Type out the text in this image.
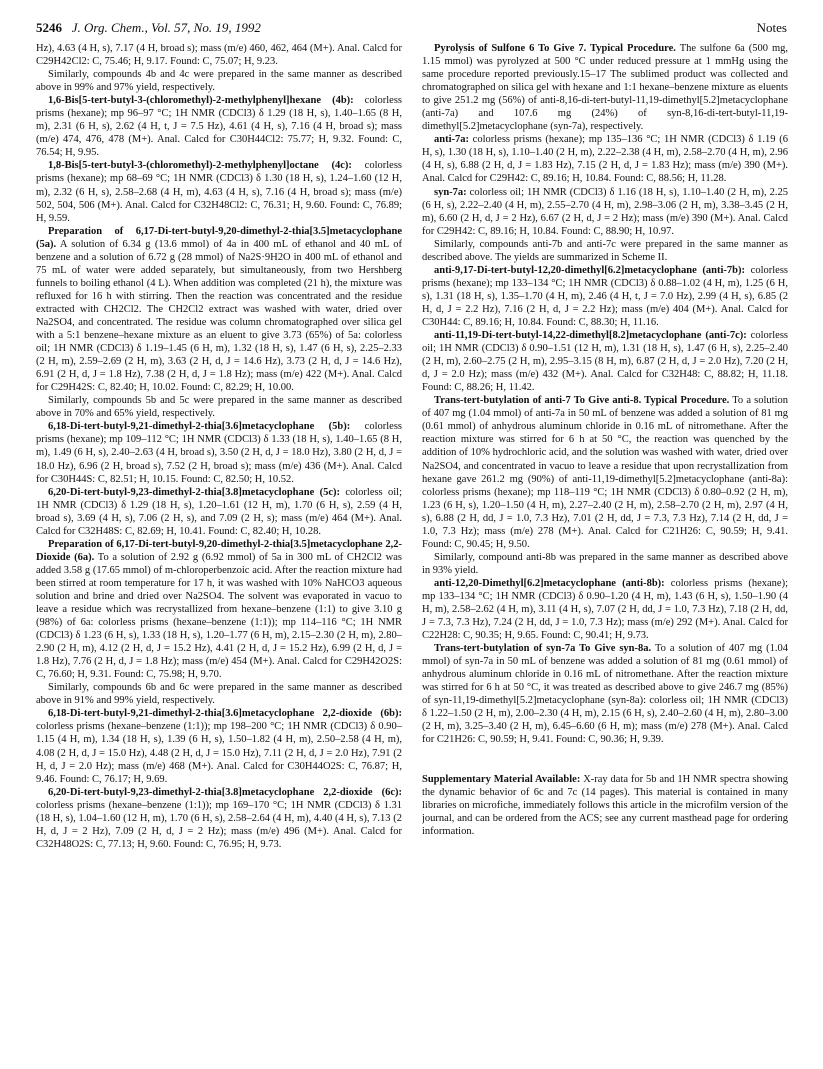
5246 J. Org. Chem., Vol. 57, No. 19, 1992	Notes

Hz), 4.63 (4 H, s), 7.17 (4 H, broad s); mass (m/e) 460, 462, 464 (M+). Anal. Calcd for C29H42Cl2: C, 75.46; H, 9.17. Found: C, 75.07; H, 9.23.

Similarly, compounds 4b and 4c were prepared in the same manner as described above in 99% and 97% yield, respectively.

1,6-Bis[5-tert-butyl-3-(chloromethyl)-2-methylphenyl]hexane (4b): colorless prisms (hexane); mp 96–97 °C; 1H NMR (CDCl3) δ 1.29 (18 H, s), 1.40–1.65 (8 H, m), 2.31 (6 H, s), 2.62 (4 H, t, J = 7.5 Hz), 4.61 (4 H, s), 7.16 (4 H, broad s); mass (m/e) 474, 476, 478 (M+). Anal. Calcd for C30H44Cl2: 75.77; H, 9.32. Found: C, 76.54; H, 9.95.

1,8-Bis[5-tert-butyl-3-(chloromethyl)-2-methylphenyl]octane (4c): colorless prisms (hexane); mp 68–69 °C; 1H NMR (CDCl3) δ 1.30 (18 H, s), 1.24–1.60 (12 H, m), 2.32 (6 H, s), 2.58–2.68 (4 H, m), 4.63 (4 H, s), 7.16 (4 H, broad s); mass (m/e) 502, 504, 506 (M+). Anal. Calcd for C32H48Cl2: C, 76.31; H, 9.60. Found: C, 76.89; H, 9.59.

Preparation of 6,17-Di-tert-butyl-9,20-dimethyl-2-thia[3.5]metacyclophane (5a). A solution of 6.34 g (13.6 mmol) of 4a in 400 mL of ethanol and 40 mL of benzene and a solution of 6.72 g (28 mmol) of Na2S·9H2O in 400 mL of ethanol and 75 mL of water were added separately, but simultaneously, from two Hershberg funnels to boiling ethanol (4 L). When addition was completed (21 h), the mixture was refluxed for 16 h with stirring. Then the reaction was concentrated and the residue extracted with CH2Cl2. The CH2Cl2 extract was washed with water, dried over Na2SO4, and concentrated. The residue was column chromatographed over silica gel with a 5:1 benzene–hexane mixture as an eluent to give 3.73 (65%) of 5a: colorless oil; 1H NMR (CDCl3) δ 1.19–1.45 (6 H, m), 1.32 (18 H, s), 1.47 (6 H, s), 2.25–2.33 (2 H, m), 2.59–2.69 (2 H, m), 3.63 (2 H, d, J = 14.6 Hz), 3.73 (2 H, d, J = 14.6 Hz), 6.91 (2 H, d, J = 1.8 Hz), 7.38 (2 H, d, J = 1.8 Hz); mass (m/e) 422 (M+). Anal. Calcd for C29H42S: C, 82.40; H, 10.02. Found: C, 82.29; H, 10.00.

Similarly, compounds 5b and 5c were prepared in the same manner as described above in 70% and 65% yield, respectively.

6,18-Di-tert-butyl-9,21-dimethyl-2-thia[3.6]metacyclophane (5b): colorless prisms (hexane); mp 109–112 °C; 1H NMR (CDCl3) δ 1.33 (18 H, s), 1.40–1.65 (8 H, m), 1.49 (6 H, s), 2.40–2.63 (4 H, broad s), 3.50 (2 H, d, J = 18.0 Hz), 3.80 (2 H, d, J = 18.0 Hz), 6.96 (2 H, broad s), 7.52 (2 H, broad s); mass (m/e) 436 (M+). Anal. Calcd for C30H44S: C, 82.51; H, 10.15. Found: C, 82.50; H, 10.52.

6,20-Di-tert-butyl-9,23-dimethyl-2-thia[3.8]metacyclophane (5c): colorless oil; 1H NMR (CDCl3) δ 1.29 (18 H, s), 1.20–1.61 (12 H, m), 1.70 (6 H, s), 2.59 (4 H, broad s), 3.69 (4 H, s), 7.06 (2 H, s), and 7.09 (2 H, s); mass (m/e) 464 (M+). Anal. Calcd for C32H48S: C, 82.69; H, 10.41. Found: C, 82.40; H, 10.28.

Preparation of 6,17-Di-tert-butyl-9,20-dimethyl-2-thia[3.5]metacyclophane 2,2-Dioxide (6a). To a solution of 2.92 g (6.92 mmol) of 5a in 300 mL of CH2Cl2 was added 3.58 g (17.65 mmol) of m-chloroperbenzoic acid. After the reaction mixture had been stirred at room temperature for 17 h, it was washed with 10% NaHCO3 aqueous solution and brine and dried over Na2SO4. The solvent was evaporated in vacuo to leave a residue which was recrystallized from hexane–benzene (1:1) to give 3.10 g (98%) of 6a: colorless prisms (hexane–benzene (1:1)); mp 114–116 °C; 1H NMR (CDCl3) δ 1.23 (6 H, s), 1.33 (18 H, s), 1.20–1.77 (6 H, m), 2.15–2.30 (2 H, m), 2.80–2.90 (2 H, m), 4.12 (2 H, d, J = 15.2 Hz), 4.41 (2 H, d, J = 15.2 Hz), 6.99 (2 H, d, J = 1.8 Hz), 7.76 (2 H, d, J = 1.8 Hz); mass (m/e) 454 (M+). Anal. Calcd for C29H42O2S: C, 76.60; H, 9.31. Found: C, 75.98; H, 9.70.

Similarly, compounds 6b and 6c were prepared in the same manner as described above in 91% and 99% yield, respectively.

6,18-Di-tert-butyl-9,21-dimethyl-2-thia[3.6]metacyclophane 2,2-dioxide (6b): colorless prisms (hexane–benzene (1:1)); mp 198–200 °C; 1H NMR (CDCl3) δ 0.90–1.15 (4 H, m), 1.34 (18 H, s), 1.39 (6 H, s), 1.50–1.82 (4 H, m), 2.50–2.58 (4 H, m), 4.08 (2 H, d, J = 15.0 Hz), 4.48 (2 H, d, J = 15.0 Hz), 7.11 (2 H, d, J = 2.0 Hz), 7.91 (2 H, d, J = 2.0 Hz); mass (m/e) 468 (M+). Anal. Calcd for C30H44O2S: C, 76.87; H, 9.46. Found: C, 76.17; H, 9.69.

6,20-Di-tert-butyl-9,23-dimethyl-2-thia[3.8]metacyclophane 2,2-dioxide (6c): colorless prisms (hexane–benzene (1:1)); mp 169–170 °C; 1H NMR (CDCl3) δ 1.31 (18 H, s), 1.04–1.60 (12 H, m), 1.70 (6 H, s), 2.58–2.64 (4 H, m), 4.40 (4 H, s), 7.13 (2 H, d, J = 2 Hz), 7.09 (2 H, d, J = 2 Hz); mass (m/e) 496 (M+). Anal. Calcd for C32H48O2S: C, 77.13; H, 9.60. Found: C, 76.95; H, 9.73.

Pyrolysis of Sulfone 6 To Give 7. Typical Procedure. The sulfone 6a (500 mg, 1.15 mmol) was pyrolyzed at 500 °C under reduced pressure at 1 mmHg using the same procedure reported previously.15–17 The sublimed product was collected and chromatographed on silica gel with hexane and 1:1 hexane–benzene mixture as eluents to give 251.2 mg (56%) of anti-8,16-di-tert-butyl-11,19-dimethyl[5.2]metacyclophane (anti-7a) and 107.6 mg (24%) of syn-8,16-di-tert-butyl-11,19-dimethyl[5.2]metacyclophane (syn-7a), respectively.

anti-7a: colorless prisms (hexane); mp 135–136 °C; 1H NMR (CDCl3) δ 1.19 (6 H, s), 1.30 (18 H, s), 1.10–1.40 (2 H, m), 2.22–2.38 (4 H, m), 2.58–2.70 (4 H, m), 2.96 (4 H, s), 6.88 (2 H, d, J = 1.83 Hz), 7.15 (2 H, d, J = 1.83 Hz); mass (m/e) 390 (M+). Anal. Calcd for C29H42: C, 89.16; H, 10.84. Found: C, 88.56; H, 11.28.

syn-7a: colorless oil; 1H NMR (CDCl3) δ 1.16 (18 H, s), 1.10–1.40 (2 H, m), 2.25 (6 H, s), 2.22–2.40 (4 H, m), 2.55–2.70 (4 H, m), 2.98–3.06 (2 H, m), 3.38–3.45 (2 H, m), 6.60 (2 H, d, J = 2 Hz), 6.67 (2 H, d, J = 2 Hz); mass (m/e) 390 (M+). Anal. Calcd for C29H42: C, 89.16; H, 10.84. Found: C, 88.90; H, 10.97.

Similarly, compounds anti-7b and anti-7c were prepared in the same manner as described above. The yields are summarized in Scheme II.

anti-9,17-Di-tert-butyl-12,20-dimethyl[6.2]metacyclophane (anti-7b): colorless prisms (hexane); mp 133–134 °C; 1H NMR (CDCl3) δ 0.88–1.02 (4 H, m), 1.25 (6 H, s), 1.31 (18 H, s), 1.35–1.70 (4 H, m), 2.46 (4 H, t, J = 7.0 Hz), 2.99 (4 H, s), 6.85 (2 H, d, J = 2.2 Hz), 7.16 (2 H, d, J = 2.2 Hz); mass (m/e) 404 (M+). Anal. Calcd for C30H44: C, 89.16; H, 10.84. Found: C, 88.30; H, 11.16.

anti-11,19-Di-tert-butyl-14,22-dimethyl[8.2]metacyclophane (anti-7c): colorless oil; 1H NMR (CDCl3) δ 0.90–1.51 (12 H, m), 1.31 (18 H, s), 1.47 (6 H, s), 2.25–2.40 (2 H, m), 2.60–2.75 (2 H, m), 2.95–3.15 (8 H, m), 6.87 (2 H, d, J = 2.0 Hz), 7.20 (2 H, d, J = 2.0 Hz); mass (m/e) 432 (M+). Anal. Calcd for C32H48: C, 88.82; H, 11.18. Found: C, 88.26; H, 11.42.

Trans-tert-butylation of anti-7 To Give anti-8. Typical Procedure. To a solution of 407 mg (1.04 mmol) of anti-7a in 50 mL of benzene was added a solution of 81 mg (0.61 mmol) of anhydrous aluminum chloride in 0.16 mL of nitromethane. After the reaction mixture was stirred for 6 h at 50 °C, the reaction was quenched by the addition of 10% hydrochloric acid, and the solution was washed with water, dried over Na2SO4, and concentrated in vacuo to leave a residue that upon recrystallization from hexane gave 261.2 mg (90%) of anti-11,19-dimethyl[5.2]metacyclophane (anti-8a): colorless prisms (hexane); mp 118–119 °C; 1H NMR (CDCl3) δ 0.80–0.92 (2 H, m), 1.23 (6 H, s), 1.20–1.50 (4 H, m), 2.27–2.40 (2 H, m), 2.58–2.70 (2 H, m), 2.97 (4 H, s), 6.88 (2 H, dd, J = 1.0, 7.3 Hz), 7.01 (2 H, dd, J = 7.3, 7.3 Hz), 7.14 (2 H, dd, J = 1.0, 7.3 Hz); mass (m/e) 278 (M+). Anal. Calcd for C21H26: C, 90.59; H, 9.41. Found: C, 90.45; H, 9.50.

Similarly, compound anti-8b was prepared in the same manner as described above in 93% yield.

anti-12,20-Dimethyl[6.2]metacyclophane (anti-8b): colorless prisms (hexane); mp 133–134 °C; 1H NMR (CDCl3) δ 0.90–1.20 (4 H, m), 1.43 (6 H, s), 1.50–1.90 (4 H, m), 2.58–2.62 (4 H, m), 3.11 (4 H, s), 7.07 (2 H, dd, J = 1.0, 7.3 Hz), 7.18 (2 H, dd, J = 7.3, 7.3 Hz), 7.24 (2 H, dd, J = 1.0, 7.3 Hz); mass (m/e) 292 (M+). Anal. Calcd for C22H28: C, 90.35; H, 9.65. Found: C, 90.41; H, 9.73.

Trans-tert-butylation of syn-7a To Give syn-8a. To a solution of 407 mg (1.04 mmol) of syn-7a in 50 mL of benzene was added a solution of 81 mg (0.61 mmol) of anhydrous aluminum chloride in 0.16 mL of nitromethane. After the reaction mixture was stirred for 6 h at 50 °C, it was treated as described above to give 246.7 mg (85%) of syn-11,19-dimethyl[5.2]metacyclophane (syn-8a): colorless oil; 1H NMR (CDCl3) δ 1.22–1.50 (2 H, m), 2.00–2.30 (4 H, m), 2.15 (6 H, s), 2.40–2.60 (4 H, m), 2.80–3.00 (2 H, m), 3.25–3.40 (2 H, m), 6.45–6.60 (6 H, m); mass (m/e) 278 (M+). Anal. Calcd for C21H26: C, 90.59; H, 9.41. Found: C, 90.36; H, 9.39.

Supplementary Material Available: X-ray data for 5b and 1H NMR spectra showing the dynamic behavior of 6c and 7c (14 pages). This material is contained in many libraries on microfiche, immediately follows this article in the microfilm version of the journal, and can be ordered from the ACS; see any current masthead page for ordering information.
